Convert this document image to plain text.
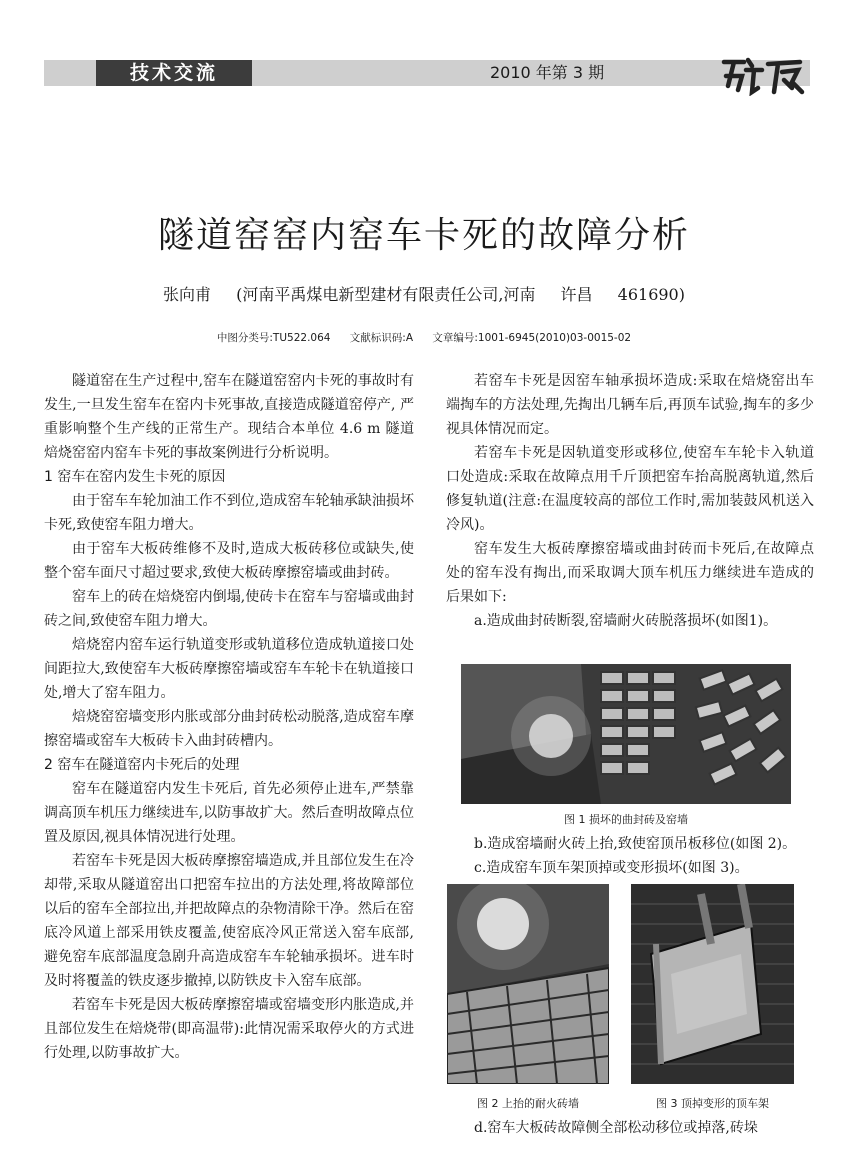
技术交流	2010 年第 3 期
隧道窑窑内窑车卡死的故障分析
张向甫 (河南平禹煤电新型建材有限责任公司,河南 许昌 461690)
中图分类号:TU522.064 文献标识码:A 文章编号:1001-6945(2010)03-0015-02

隧道窑在生产过程中,窑车在隧道窑窑内卡死的事故时有发生,一旦发生窑车在窑内卡死事故,直接造成隧道窑停产, 严重影响整个生产线的正常生产。现结合本单位 4.6 m 隧道焙烧窑窑内窑车卡死的事故案例进行分析说明。

1 窑车在窑内发生卡死的原因

由于窑车车轮加油工作不到位,造成窑车轮轴承缺油损坏卡死,致使窑车阻力增大。

由于窑车大板砖维修不及时,造成大板砖移位或缺失,使整个窑车面尺寸超过要求,致使大板砖摩擦窑墙或曲封砖。

窑车上的砖在焙烧窑内倒塌,使砖卡在窑车与窑墙或曲封砖之间,致使窑车阻力增大。

焙烧窑内窑车运行轨道变形或轨道移位造成轨道接口处间距拉大,致使窑车大板砖摩擦窑墙或窑车车轮卡在轨道接口处,增大了窑车阻力。

焙烧窑窑墙变形内胀或部分曲封砖松动脱落,造成窑车摩擦窑墙或窑车大板砖卡入曲封砖槽内。

2 窑车在隧道窑内卡死后的处理

窑车在隧道窑内发生卡死后, 首先必须停止进车,严禁靠调高顶车机压力继续进车,以防事故扩大。然后查明故障点位置及原因,视具体情况进行处理。

若窑车卡死是因大板砖摩擦窑墙造成,并且部位发生在冷却带,采取从隧道窑出口把窑车拉出的方法处理,将故障部位以后的窑车全部拉出,并把故障点的杂物清除干净。然后在窑底冷风道上部采用铁皮覆盖,使窑底冷风正常送入窑车底部,避免窑车底部温度急剧升高造成窑车车轮轴承损坏。进车时及时将覆盖的铁皮逐步撤掉,以防铁皮卡入窑车底部。

若窑车卡死是因大板砖摩擦窑墙或窑墙变形内胀造成,并且部位发生在焙烧带(即高温带):此情况需采取停火的方式进行处理,以防事故扩大。

若窑车卡死是因窑车轴承损坏造成:采取在焙烧窑出车端掏车的方法处理,先掏出几辆车后,再顶车试验,掏车的多少视具体情况而定。

若窑车卡死是因轨道变形或移位,使窑车车轮卡入轨道口处造成:采取在故障点用千斤顶把窑车抬高脱离轨道,然后修复轨道(注意:在温度较高的部位工作时,需加装鼓风机送入冷风)。

窑车发生大板砖摩擦窑墙或曲封砖而卡死后,在故障点处的窑车没有掏出,而采取调大顶车机压力继续进车造成的后果如下:

a.造成曲封砖断裂,窑墙耐火砖脱落损坏(如图1)。

图 1 损坏的曲封砖及窑墙
b.造成窑墙耐火砖上抬,致使窑顶吊板移位(如图 2)。
c.造成窑车顶车架顶掉或变形损坏(如图 3)。
图 2 上抬的耐火砖墙	图 3 顶掉变形的顶车架
d.窑车大板砖故障侧全部松动移位或掉落,砖垛
